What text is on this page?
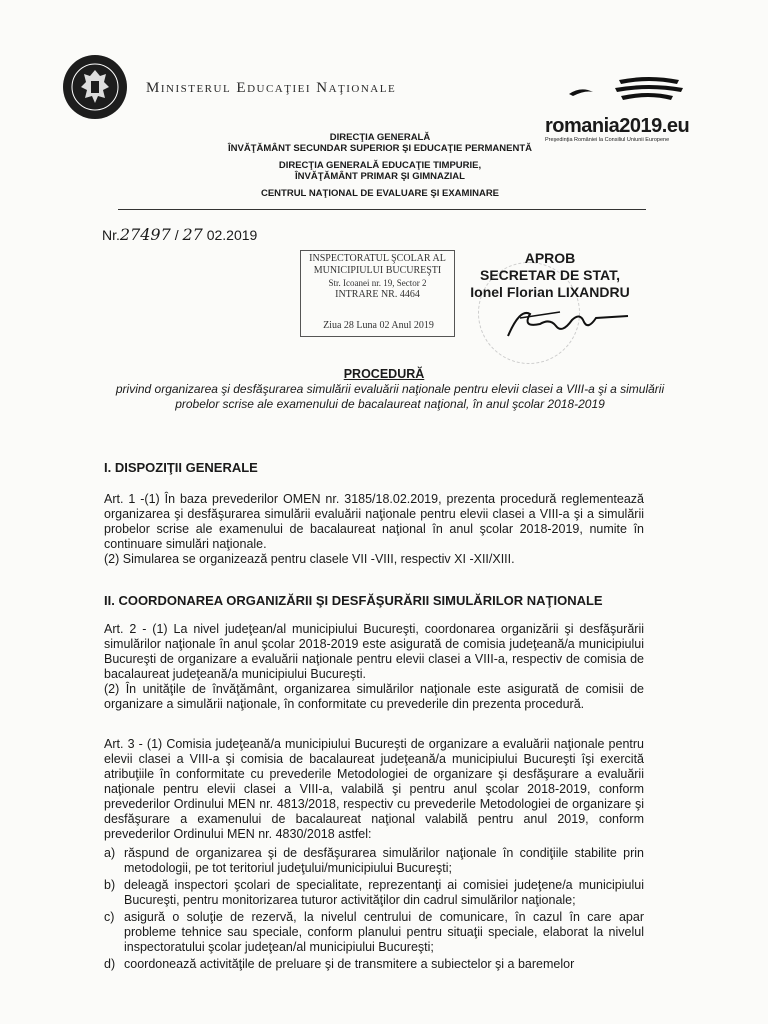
Ministerul Educaţiei Naţionale
romania2019.eu
Preşedinţia României la Consiliul Uniunii Europene
DIRECŢIA GENERALĂ
ÎNVĂŢĂMÂNT SECUNDAR SUPERIOR ŞI EDUCAŢIE PERMANENTĂ
DIRECŢIA GENERALĂ EDUCAŢIE TIMPURIE,
ÎNVĂŢĂMÂNT PRIMAR ŞI GIMNAZIAL
CENTRUL NAŢIONAL DE EVALUARE ŞI EXAMINARE
Nr.27497 / 27 02.2019
INSPECTORATUL ŞCOLAR AL
MUNICIPIULUI BUCUREŞTI
Str. Icoanei nr. 19, Sector 2
INTRARE NR. 4464
Ziua 28 Luna 02 Anul 2019
APROB
SECRETAR DE STAT,
Ionel Florian LIXANDRU
PROCEDURĂ
privind organizarea şi desfăşurarea simulării evaluării naţionale pentru elevii clasei a VIII-a şi a simulării probelor scrise ale examenului de bacalaureat naţional, în anul şcolar 2018-2019
I. DISPOZIŢII GENERALE
Art. 1 -(1) În baza prevederilor OMEN nr. 3185/18.02.2019, prezenta procedură reglementează organizarea şi desfăşurarea simulării evaluării naţionale pentru elevii clasei a VIII-a şi a simulării probelor scrise ale examenului de bacalaureat naţional în anul şcolar 2018-2019, numite în continuare simulări naţionale.
(2) Simularea se organizează pentru clasele VII -VIII, respectiv XI -XII/XIII.
II. COORDONAREA ORGANIZĂRII ŞI DESFĂŞURĂRII SIMULĂRILOR NAŢIONALE
Art. 2 - (1) La nivel judeţean/al municipiului Bucureşti, coordonarea organizării şi desfăşurării simulărilor naţionale în anul şcolar 2018-2019 este asigurată de comisia judeţeană/a municipiului Bucureşti de organizare a evaluării naţionale pentru elevii clasei a VIII-a, respectiv de comisia de bacalaureat judeţeană/a municipiului Bucureşti.
(2) În unităţile de învăţământ, organizarea simulărilor naţionale este asigurată de comisii de organizare a simulării naţionale, în conformitate cu prevederile din prezenta procedură.
Art. 3 - (1) Comisia judeţeană/a municipiului Bucureşti de organizare a evaluării naţionale pentru elevii clasei a VIII-a şi comisia de bacalaureat judeţeană/a municipiului Bucureşti îşi exercită atribuţiile în conformitate cu prevederile Metodologiei de organizare şi desfăşurare a evaluării naţionale pentru elevii clasei a VIII-a, valabilă şi pentru anul şcolar 2018-2019, conform prevederilor Ordinului MEN nr. 4813/2018, respectiv cu prevederile Metodologiei de organizare şi desfăşurare a examenului de bacalaureat naţional valabilă pentru anul 2019, conform prevederilor Ordinului MEN nr. 4830/2018 astfel:
a) răspund de organizarea şi de desfăşurarea simulărilor naţionale în condiţiile stabilite prin metodologii, pe tot teritoriul judeţului/municipiului Bucureşti;
b) deleagă inspectori şcolari de specialitate, reprezentanţi ai comisiei judeţene/a municipiului Bucureşti, pentru monitorizarea tuturor activităţilor din cadrul simulărilor naţionale;
c) asigură o soluţie de rezervă, la nivelul centrului de comunicare, în cazul în care apar probleme tehnice sau speciale, conform planului pentru situaţii speciale, elaborat la nivelul inspectoratului şcolar judeţean/al municipiului Bucureşti;
d) coordonează activităţile de preluare şi de transmitere a subiectelor şi a baremelor
